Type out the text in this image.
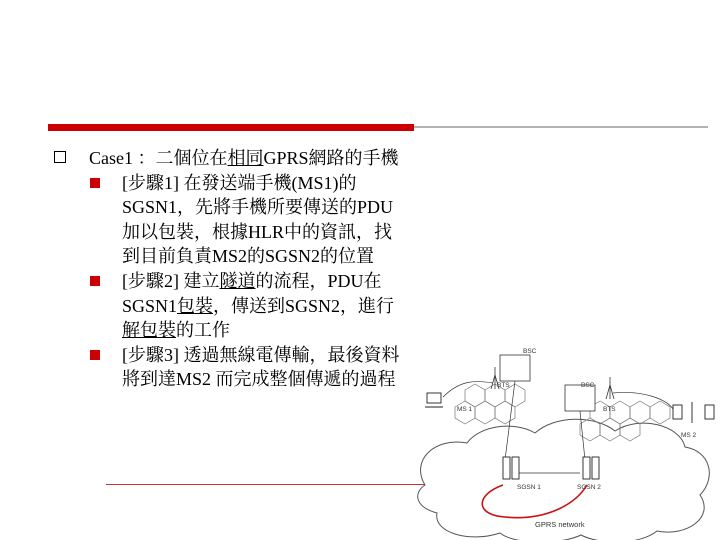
Case1 ：二個位在相同GPRS網路的手機
[步驟1] 在發送端手機(MS1)的SGSN1，先將手機所要傳送的PDU加以包裝，根據HLR中的資訊，找到目前負責MS2的SGSN2的位置
[步驟2] 建立隧道的流程，PDU在SGSN1包裝，傳送到SGSN2，進行解包裝的工作
[步驟3] 透過無線電傳輸，最後資料將到達MS2 而完成整個傳遞的過程
BSC
BTS	BSC
BTS
MS 1
MS 2
SGSN 1	SGSN 2
GPRS network
